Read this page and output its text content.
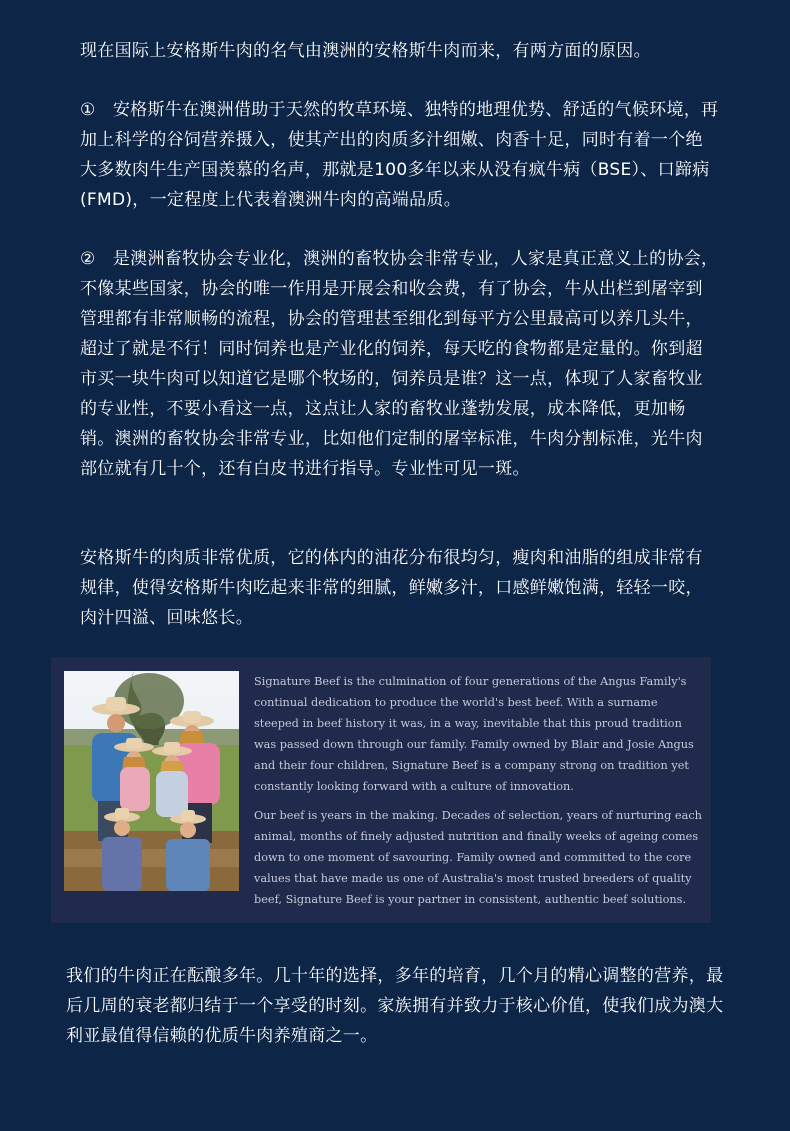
现在国际上安格斯牛肉的名气由澳洲的安格斯牛肉而来，有两方面的原因。

①　安格斯牛在澳洲借助于天然的牧草环境、独特的地理优势、舒适的气候环境，再加上科学的谷饲营养摄入，使其产出的肉质多汁细嫩、肉香十足，同时有着一个绝大多数肉牛生产国羡慕的名声，那就是100多年以来从没有疯牛病（BSE）、口蹄病(FMD)，一定程度上代表着澳洲牛肉的高端品质。

②　是澳洲畜牧协会专业化，澳洲的畜牧协会非常专业，人家是真正意义上的协会，不像某些国家，协会的唯一作用是开展会和收会费，有了协会，牛从出栏到屠宰到管理都有非常顺畅的流程，协会的管理甚至细化到每平方公里最高可以养几头牛，超过了就是不行！同时饲养也是产业化的饲养，每天吃的食物都是定量的。你到超市买一块牛肉可以知道它是哪个牧场的，饲养员是谁？这一点，体现了人家畜牧业的专业性，不要小看这一点，这点让人家的畜牧业蓬勃发展，成本降低，更加畅销。澳洲的畜牧协会非常专业，比如他们定制的屠宰标准，牛肉分割标准，光牛肉部位就有几十个，还有白皮书进行指导。专业性可见一斑。

安格斯牛的肉质非常优质，它的体内的油花分布很均匀，瘦肉和油脂的组成非常有规律，使得安格斯牛肉吃起来非常的细腻，鲜嫩多汁，口感鲜嫩饱满，轻轻一咬，肉汁四溢、回味悠长。

Signature Beef is the culmination of four generations of the Angus Family's continual dedication to produce the world's best beef. With a surname steeped in beef history it was, in a way, inevitable that this proud tradition was passed down through our family. Family owned by Blair and Josie Angus and their four children, Signature Beef is a company strong on tradition yet constantly looking forward with a culture of innovation.

Our beef is years in the making. Decades of selection, years of nurturing each animal, months of finely adjusted nutrition and finally weeks of ageing comes down to one moment of savouring. Family owned and committed to the core values that have made us one of Australia's most trusted breeders of quality beef, Signature Beef is your partner in consistent, authentic beef solutions.

我们的牛肉正在酝酿多年。几十年的选择，多年的培育，几个月的精心调整的营养，最后几周的衰老都归结于一个享受的时刻。家族拥有并致力于核心价值，使我们成为澳大利亚最值得信赖的优质牛肉养殖商之一。
